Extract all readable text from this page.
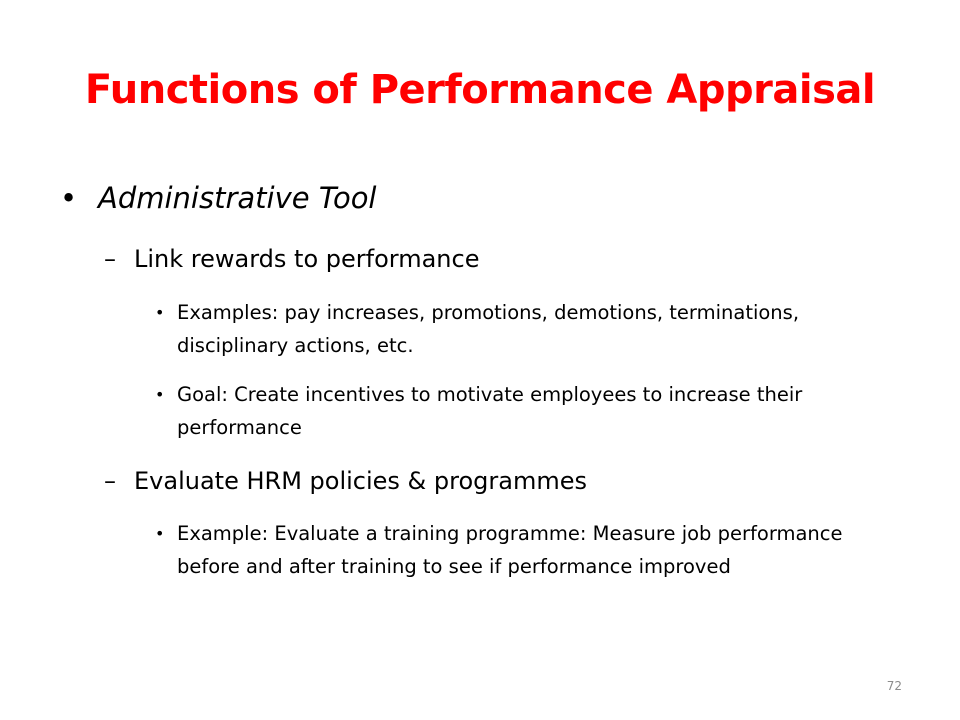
Functions of Performance Appraisal
• Administrative Tool
– Link rewards to performance
• Examples: pay increases, promotions, demotions, terminations, disciplinary actions, etc.
• Goal: Create incentives to motivate employees to increase their performance
– Evaluate HRM policies & programmes
• Example: Evaluate a training programme: Measure job performance before and after training to see if performance improved
72
